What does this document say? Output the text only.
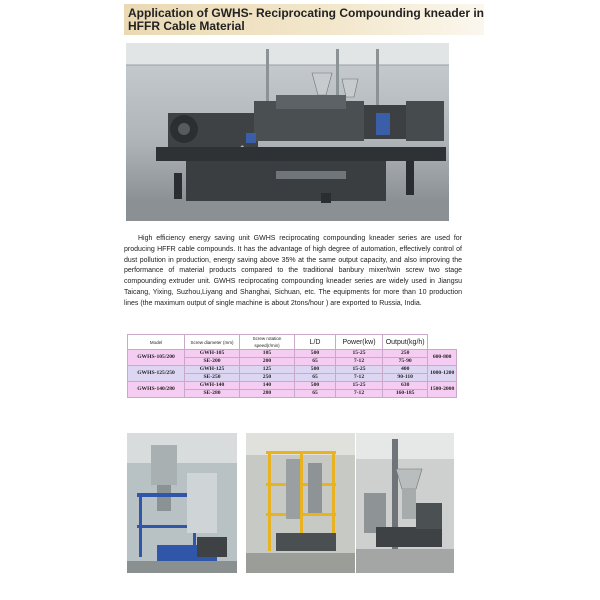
Application of GWHS- Reciprocating Compounding kneader in HFFR Cable Material

High efficiency energy saving unit GWHS reciprocating compounding kneader series are used for producing HFFR cable compounds. It has the advantage of high degree of automation, effectively control of dust pollution in production, energy saving above 35% at the same output capacity, and also improving the performance of material products compared to the traditional banbury mixer/twin screw two stage compounding extruder unit. GWHS reciprocating compounding kneader series are widely used in Jiangsu Taicang, Yixing, Suzhou,Liyang and Shanghai, Sichuan, etc. The equipments for more than 10 production lines (the maximum output of single machine is about 2tons/hour ) are exported to Russia, India.

Model	Screw diameter (mm)	Screw rotation speed(r/min)	L/D	Power(kw)	Output(kg/h)	
GWHS-105/200	GWH-105	105	500	15-25	250	600-800
	SE-200	200	65	7-12	75-90	
GWHS-125/250	GWH-125	125	500	15-25	400	1000-1200
	SE-250	250	65	7-12	90-110	
GWHS-140/280	GWH-140	140	500	15-25	630	1500-2000
	SE-280	280	65	7-12	160-185	
